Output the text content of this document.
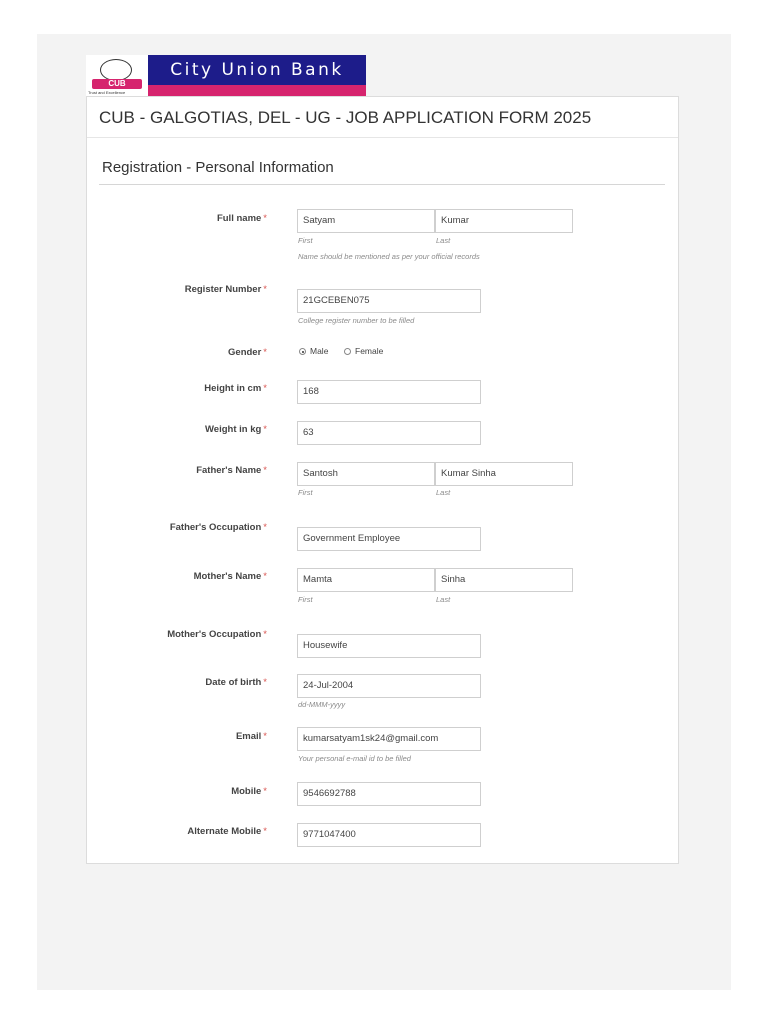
CUB
Trust and Excellence
City Union Bank
CUB - GALGOTIAS, DEL - UG - JOB APPLICATION FORM 2025
Registration - Personal Information
Full name *	Satyam	Kumar
First	Last
Name should be mentioned as per your official records
Register Number *
21GCEBEN075
College register number to be filled
Gender *	Male	Female
Height in cm *	168
Weight in kg *	63
Father's Name *	Santosh	Kumar Sinha
First	Last
Father's Occupation *
Government Employee
Mother's Name *	Mamta	Sinha
First	Last
Mother's Occupation *
Housewife
Date of birth *	24-Jul-2004
dd-MMM-yyyy
Email *	kumarsatyam1sk24@gmail.com
Your personal e-mail id to be filled
Mobile *	9546692788
Alternate Mobile *	9771047400
